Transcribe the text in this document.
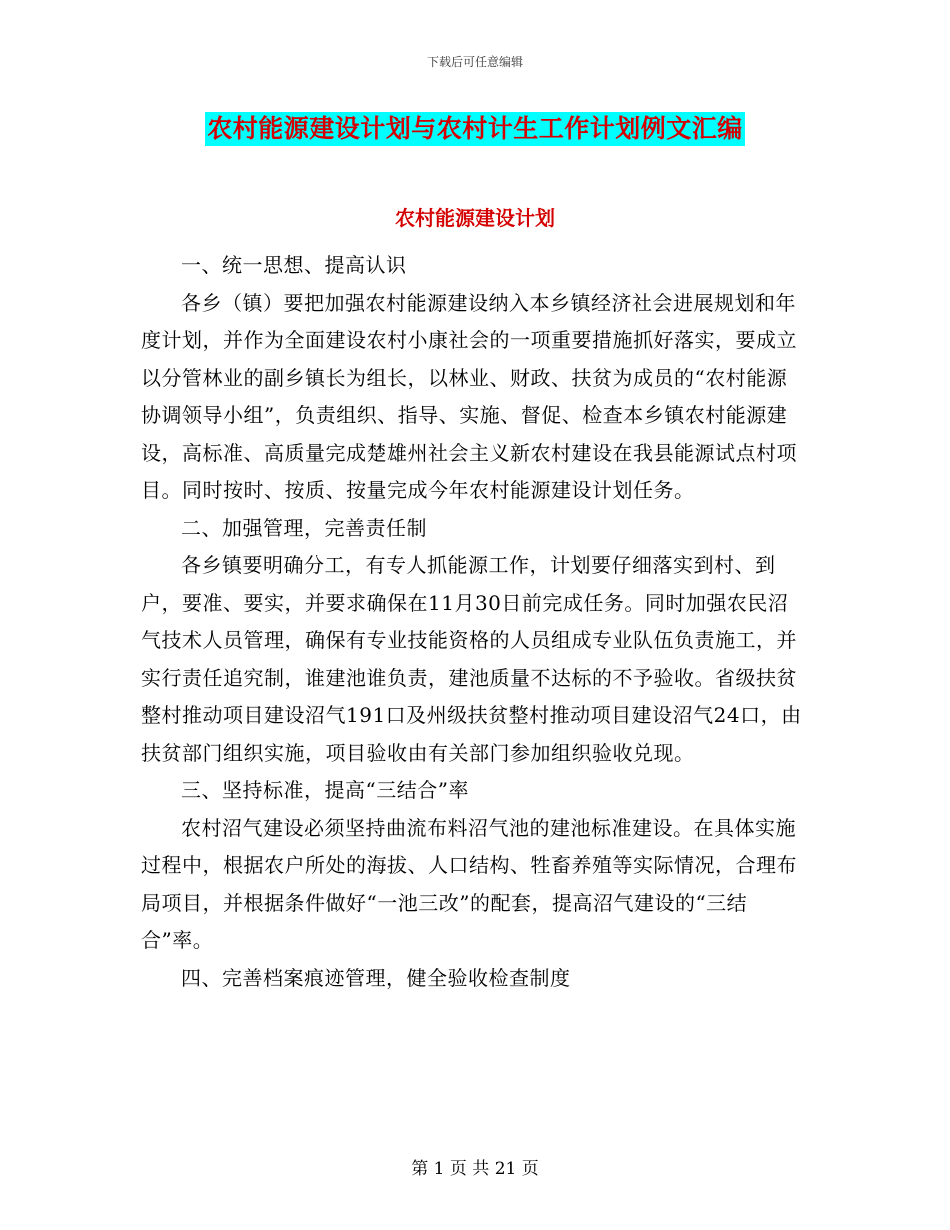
下载后可任意编辑
农村能源建设计划与农村计生工作计划例文汇编
农村能源建设计划

一、统一思想、提高认识

各乡（镇）要把加强农村能源建设纳入本乡镇经济社会进展规划和年度计划，并作为全面建设农村小康社会的一项重要措施抓好落实，要成立以分管林业的副乡镇长为组长，以林业、财政、扶贫为成员的“农村能源协调领导小组”，负责组织、指导、实施、督促、检查本乡镇农村能源建设，高标准、高质量完成楚雄州社会主义新农村建设在我县能源试点村项目。同时按时、按质、按量完成今年农村能源建设计划任务。

二、加强管理，完善责任制

各乡镇要明确分工，有专人抓能源工作，计划要仔细落实到村、到户，要准、要实，并要求确保在11月30日前完成任务。同时加强农民沼气技术人员管理，确保有专业技能资格的人员组成专业队伍负责施工，并实行责任追究制，谁建池谁负责，建池质量不达标的不予验收。省级扶贫整村推动项目建设沼气191口及州级扶贫整村推动项目建设沼气24口，由扶贫部门组织实施，项目验收由有关部门参加组织验收兑现。

三、坚持标准，提高“三结合”率

农村沼气建设必须坚持曲流布料沼气池的建池标准建设。在具体实施过程中，根据农户所处的海拔、人口结构、牲畜养殖等实际情况，合理布局项目，并根据条件做好“一池三改”的配套，提高沼气建设的“三结合”率。

四、完善档案痕迹管理，健全验收检查制度

第 1 页 共 21 页
